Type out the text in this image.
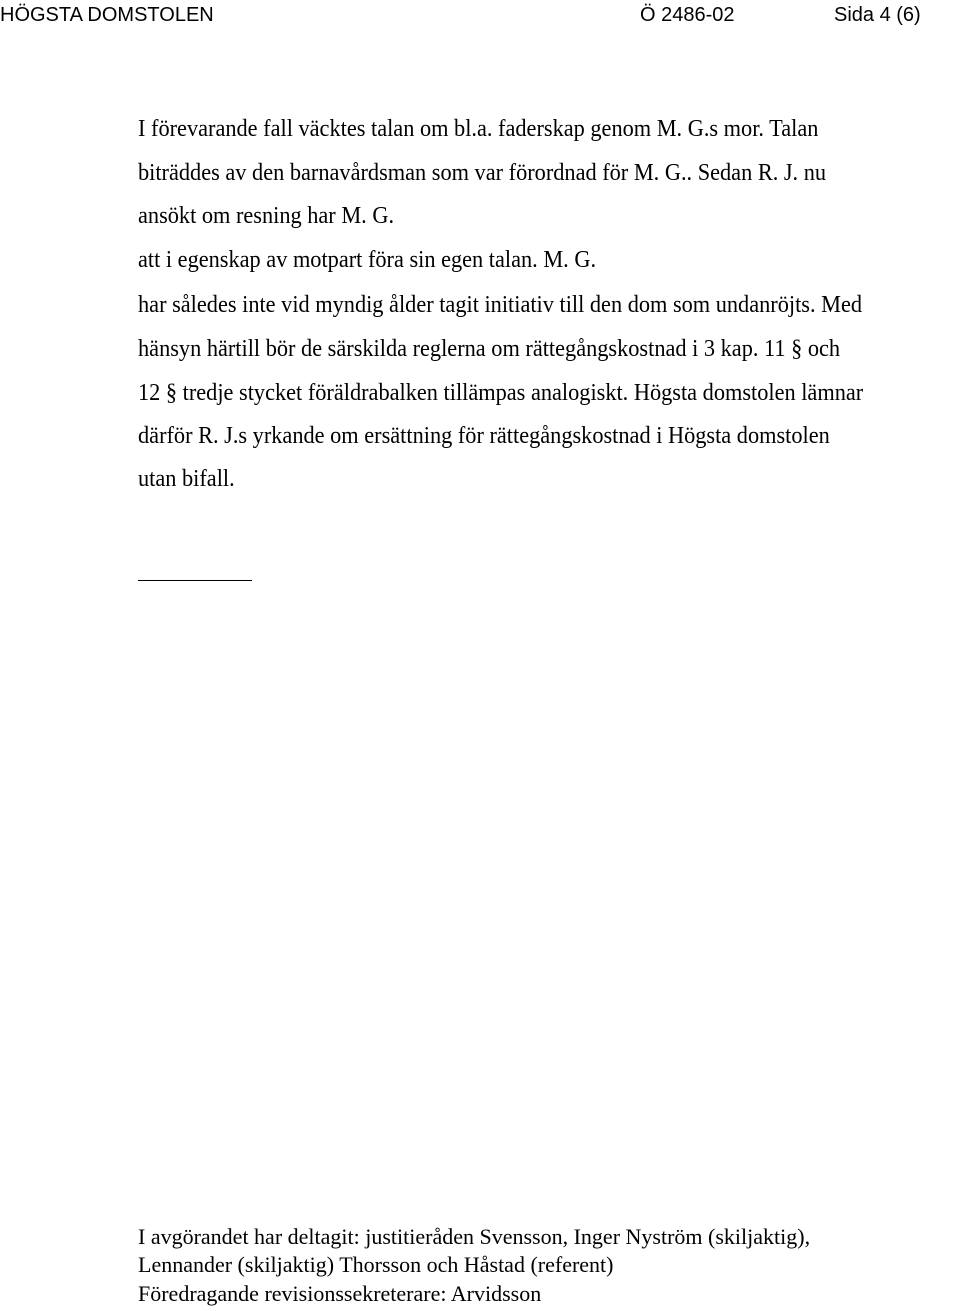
HÖGSTA DOMSTOLEN	Ö 2486-02	Sida 4 (6)
I förevarande fall väcktes talan om bl.a. faderskap genom M. G.s mor. Talan
biträddes av den barnavårdsman som var förordnad för M. G.. Sedan R. J. nu
ansökt om resning har M. G.
att i egenskap av motpart föra sin egen talan. M. G.
har således inte vid myndig ålder tagit initiativ till den dom som undanröjts. Med
hänsyn härtill bör de särskilda reglerna om rättegångskostnad i 3 kap. 11 § och
12 § tredje stycket föräldrabalken tillämpas analogiskt. Högsta domstolen lämnar
därför R. J.s yrkande om ersättning för rättegångskostnad i Högsta domstolen
utan bifall.
I avgörandet har deltagit: justitieråden Svensson, Inger Nyström (skiljaktig),
Lennander (skiljaktig) Thorsson och Håstad (referent)
Föredragande revisionssekreterare: Arvidsson
